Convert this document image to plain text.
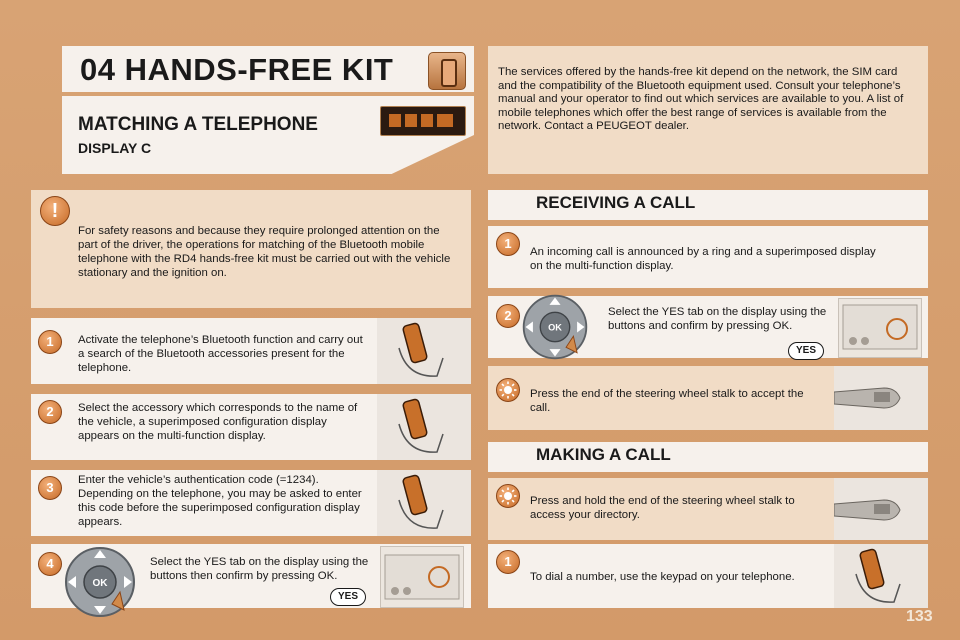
04 HANDS-FREE KIT
MATCHING A TELEPHONE
DISPLAY C
The services offered by the hands-free kit depend on the network, the SIM card and the compatibility of the Bluetooth equipment used. Consult your telephone’s manual and your operator to find out which services are available to you. A list of mobile telephones which offer the best range of services is available from the network. Contact a PEUGEOT dealer.
!
For safety reasons and because they require prolonged attention on the part of the driver, the operations for matching of the Bluetooth mobile telephone with the RD4 hands-free kit must be carried out with the vehicle stationary and the ignition on.
1	Activate the telephone’s Bluetooth function and carry out a search of the Bluetooth accessories present for the telephone.
2	Select the accessory which corresponds to the name of the vehicle, a superimposed configuration display appears on the multi-function display.
3	Enter the vehicle’s authentication code (=1234). Depending on the telephone, you may be asked to enter this code before the superimposed configuration display appears.
4
OK
Select the YES tab on the display using the buttons then confirm by pressing OK.
YES
RECEIVING A CALL
1
An incoming call is announced by a ring and a superimposed display on the multi-function display.
2
OK
Select the YES tab on the display using the buttons and confirm by pressing OK.
YES
Press the end of the steering wheel stalk to accept the call.
MAKING A CALL
Press and hold the end of the steering wheel stalk to access your directory.
1
To dial a number, use the keypad on your telephone.
133
